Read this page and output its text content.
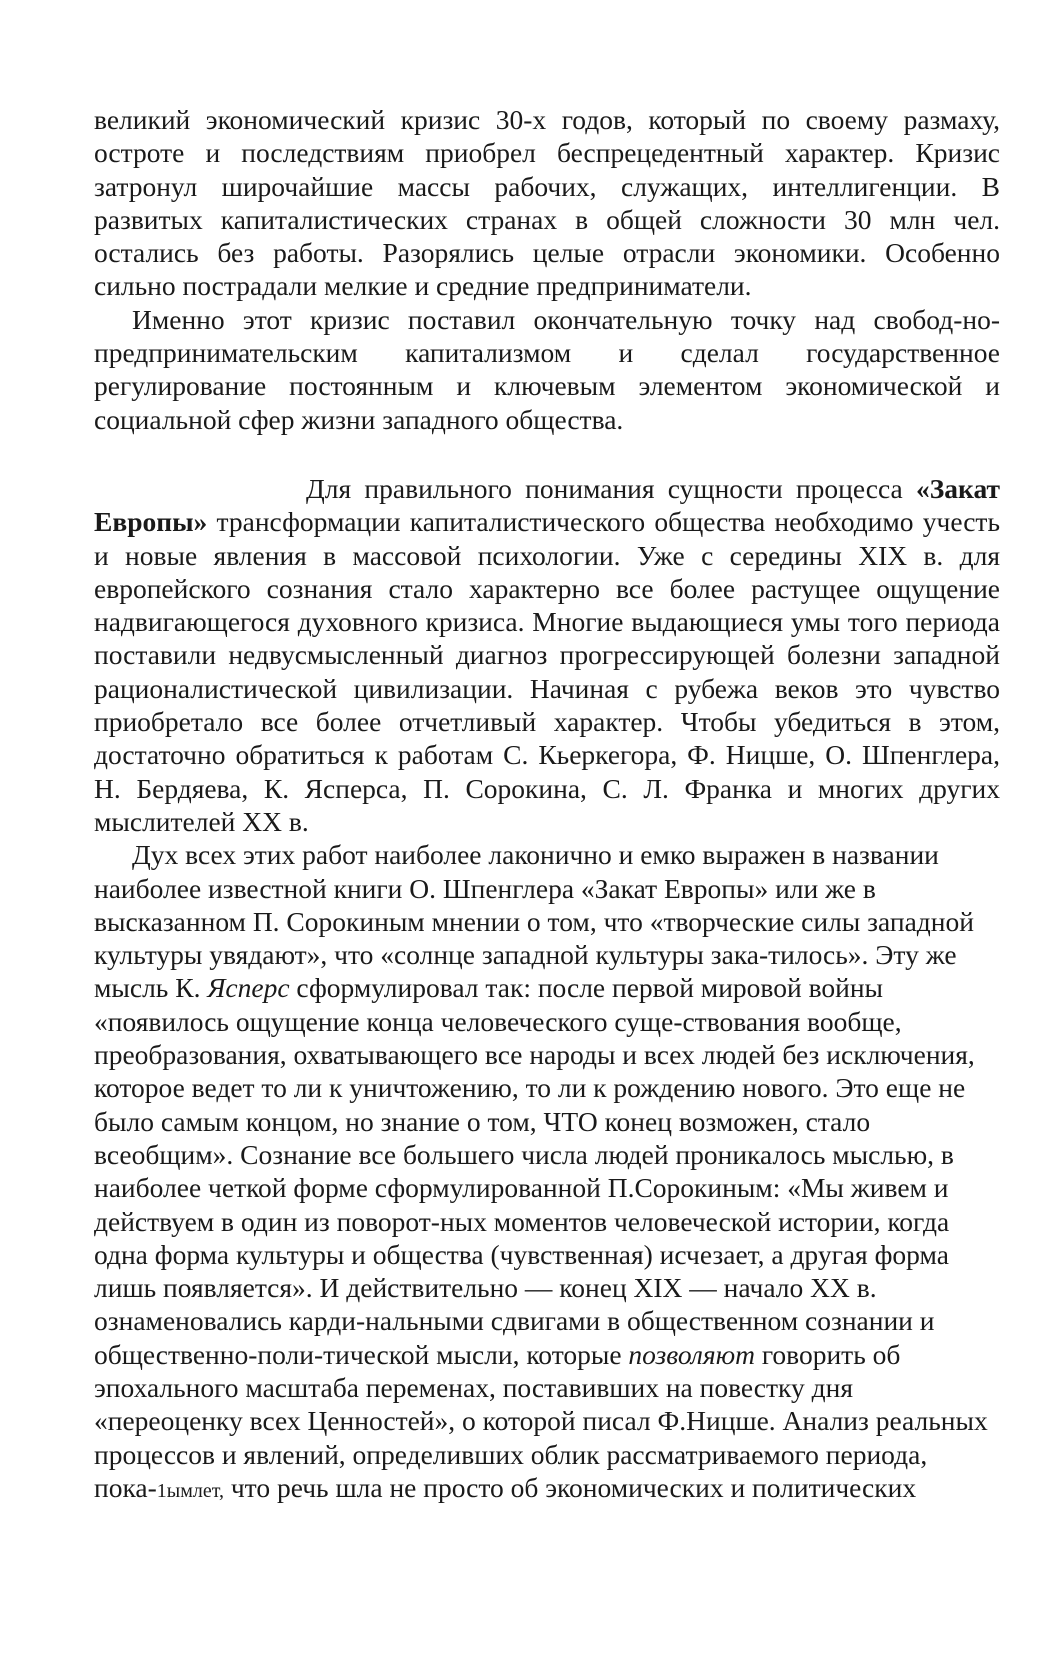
великий экономический кризис 30-х годов, который по своему размаху, остроте и последствиям приобрел беспрецедентный характер. Кризис затронул широчайшие массы рабочих, служащих, интеллигенции. В развитых капиталистических странах в общей сложности 30 млн чел. остались без работы. Разорялись целые отрасли экономики. Особенно сильно пострадали мелкие и средние предприниматели.

Именно этот кризис поставил окончательную точку над свобод-но-предпринимательским капитализмом и сделал государственное регулирование постоянным и ключевым элементом экономической и социальной сфер жизни западного общества.

Для правильного понимания сущности процесса «Закат Европы» трансформации капиталистического общества необходимо учесть и новые явления в массовой психологии. Уже с середины XIX в. для европейского сознания стало характерно все более растущее ощущение надвигающегося духовного кризиса. Многие выдающиеся умы того периода поставили недвусмысленный диагноз прогрессирующей болезни западной рационалистической цивилизации. Начиная с рубежа веков это чувство приобретало все более отчетливый характер. Чтобы убедиться в этом, достаточно обратиться к работам С. Кьеркегора, Ф. Ницше, О. Шпенглера, Н. Бердяева, К. Ясперса, П. Сорокина, С. Л. Франка и многих других мыслителей XX в.

Дух всех этих работ наиболее лаконично и емко выражен в названии наиболее известной книги О. Шпенглера «Закат Европы» или же в высказанном П. Сорокиным мнении о том, что «творческие силы западной культуры увядают», что «солнце западной культуры зака-тилось». Эту же мысль К. Ясперс сформулировал так: после первой мировой войны «появилось ощущение конца человеческого суще-ствования вообще, преобразования, охватывающего все народы и всех людей без исключения, которое ведет то ли к уничтожению, то ли к рождению нового. Это еще не было самым концом, но знание о том, ЧТО конец возможен, стало всеобщим». Сознание все большего числа людей проникалось мыслью, в наиболее четкой форме сформулированной П.Сорокиным: «Мы живем и действуем в один из поворот-ных моментов человеческой истории, когда одна форма культуры и общества (чувственная) исчезает, а другая форма лишь появляется». И действительно — конец XIX — начало XX в. ознаменовались карди-нальными сдвигами в общественном сознании и общественно-поли-тической мысли, которые позволяют говорить об эпохального масштаба переменах, поставивших на повестку дня «переоценку всех Ценностей», о которой писал Ф.Ницше. Анализ реальных процессов и явлений, определивших облик рассматриваемого периода, пока-1ымлет, что речь шла не просто об экономических и политических
